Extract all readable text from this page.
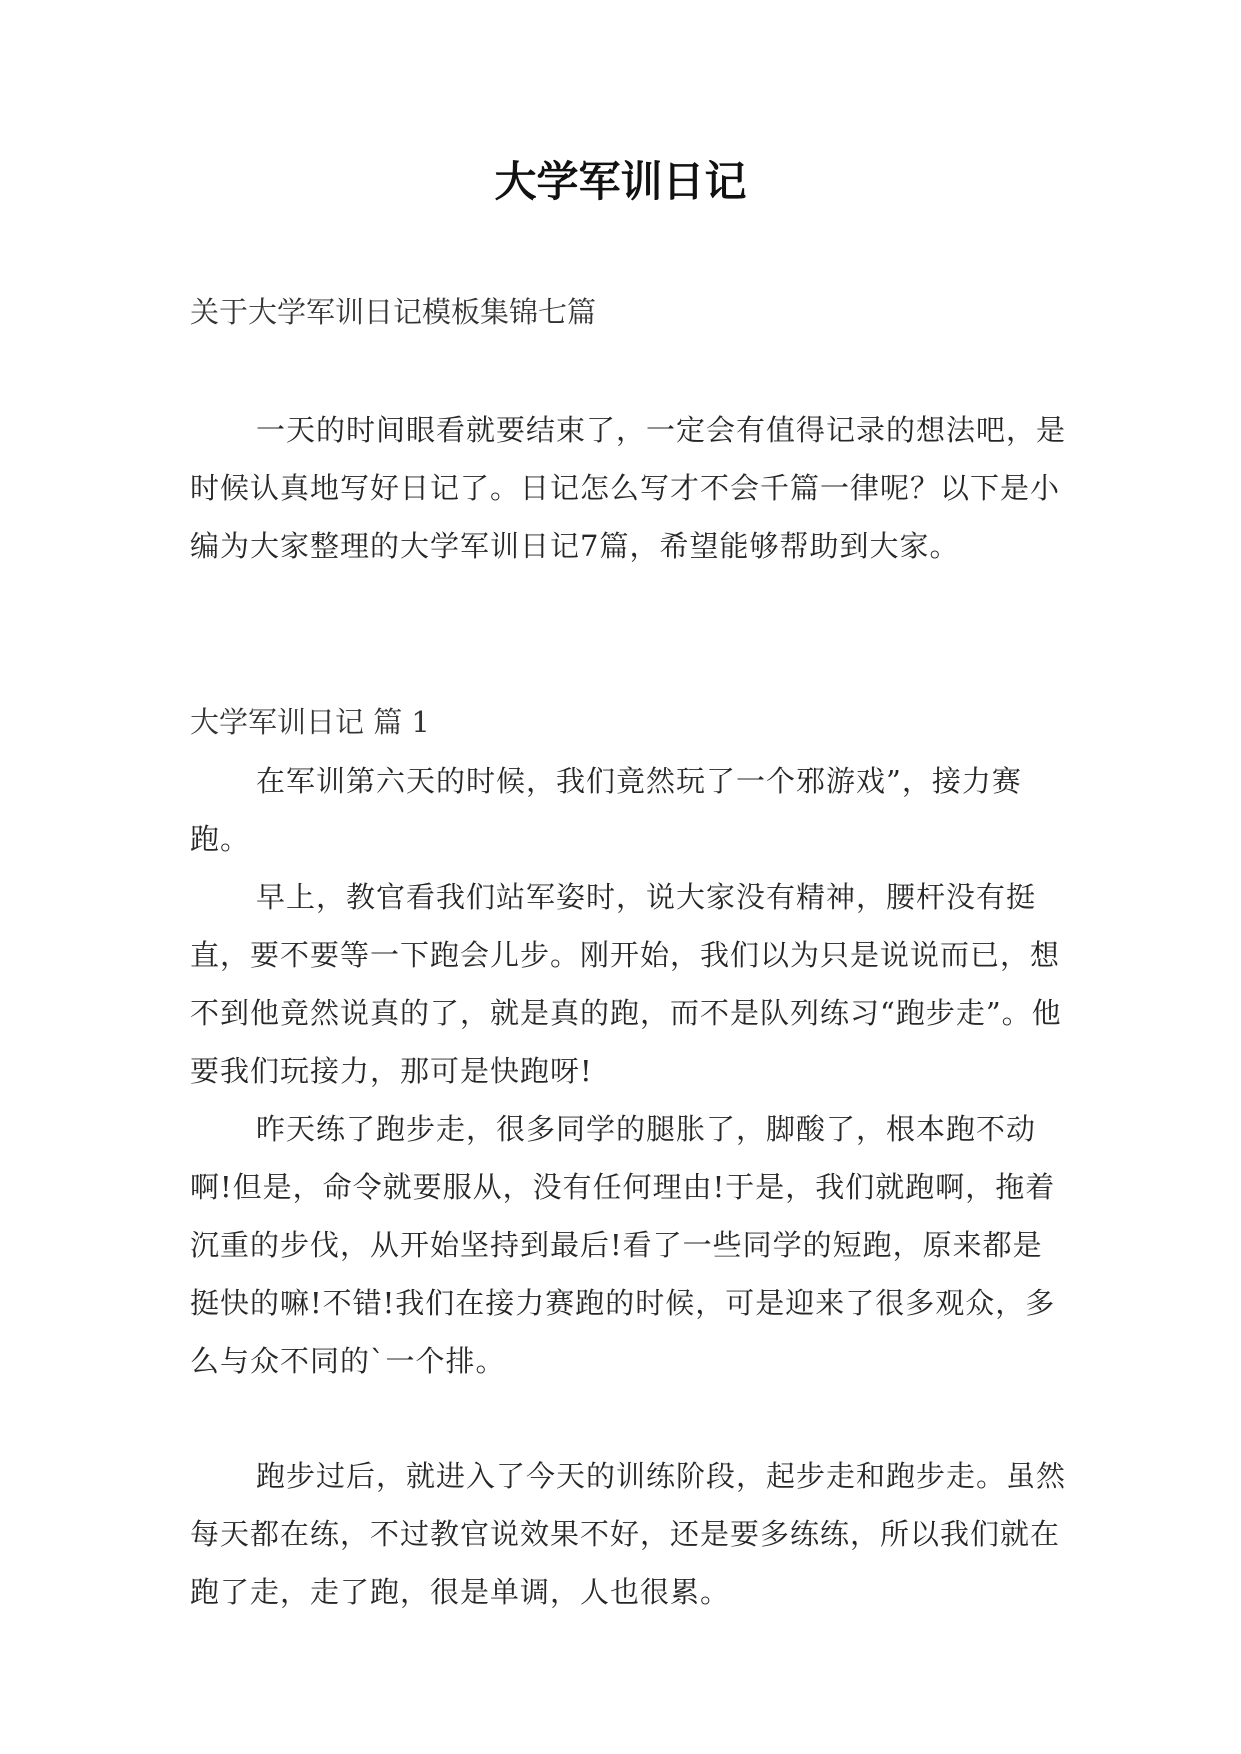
大学军训日记
关于大学军训日记模板集锦七篇

一天的时间眼看就要结束了，一定会有值得记录的想法吧，是时候认真地写好日记了。日记怎么写才不会千篇一律呢？以下是小编为大家整理的大学军训日记7篇，希望能够帮助到大家。

大学军训日记 篇 1

在军训第六天的时候，我们竟然玩了一个邪游戏”，接力赛跑。

早上，教官看我们站军姿时，说大家没有精神，腰杆没有挺直，要不要等一下跑会儿步。刚开始，我们以为只是说说而已，想不到他竟然说真的了，就是真的跑，而不是队列练习“跑步走”。他要我们玩接力，那可是快跑呀!

昨天练了跑步走，很多同学的腿胀了，脚酸了，根本跑不动啊!但是，命令就要服从，没有任何理由!于是，我们就跑啊，拖着沉重的步伐，从开始坚持到最后!看了一些同学的短跑，原来都是挺快的嘛!不错!我们在接力赛跑的时候，可是迎来了很多观众，多么与众不同的`一个排。

跑步过后，就进入了今天的训练阶段，起步走和跑步走。虽然每天都在练，不过教官说效果不好，还是要多练练，所以我们就在跑了走，走了跑，很是单调，人也很累。
